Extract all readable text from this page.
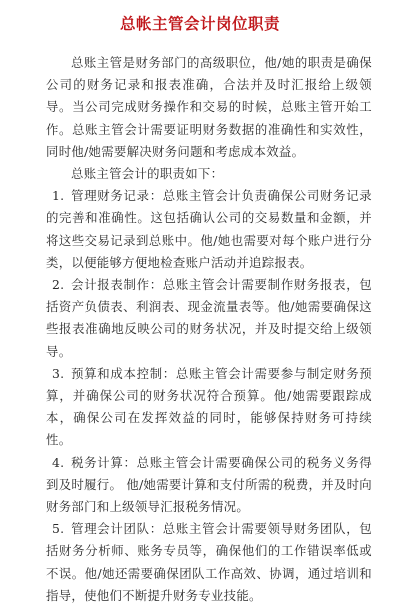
总帐主管会计岗位职责

总账主管是财务部门的高级职位，他/她的职责是确保公司的财务记录和报表准确，合法并及时汇报给上级领导。当公司完成财务操作和交易的时候，总账主管开始工作。总账主管会计需要证明财务数据的准确性和实效性，同时他/她需要解决财务问题和考虑成本效益。

总账主管会计的职责如下：

1. 管理财务记录：总账主管会计负责确保公司财务记录的完善和准确性。这包括确认公司的交易数量和金额，并将这些交易记录到总账中。他/她也需要对每个账户进行分类，以便能够方便地检查账户活动并追踪报表。

2. 会计报表制作：总账主管会计需要制作财务报表，包括资产负债表、利润表、现金流量表等。他/她需要确保这些报表准确地反映公司的财务状况，并及时提交给上级领导。

3. 预算和成本控制：总账主管会计需要参与制定财务预算，并确保公司的财务状况符合预算。他/她需要跟踪成本，确保公司在发挥效益的同时，能够保持财务可持续性。

4. 税务计算：总账主管会计需要确保公司的税务义务得到及时履行。 他/她需要计算和支付所需的税费，并及时向财务部门和上级领导汇报税务情况。

5. 管理会计团队：总账主管会计需要领导财务团队，包括财务分析师、账务专员等，确保他们的工作错误率低或不误。他/她还需要确保团队工作高效、协调，通过培训和指导，使他们不断提升财务专业技能。
